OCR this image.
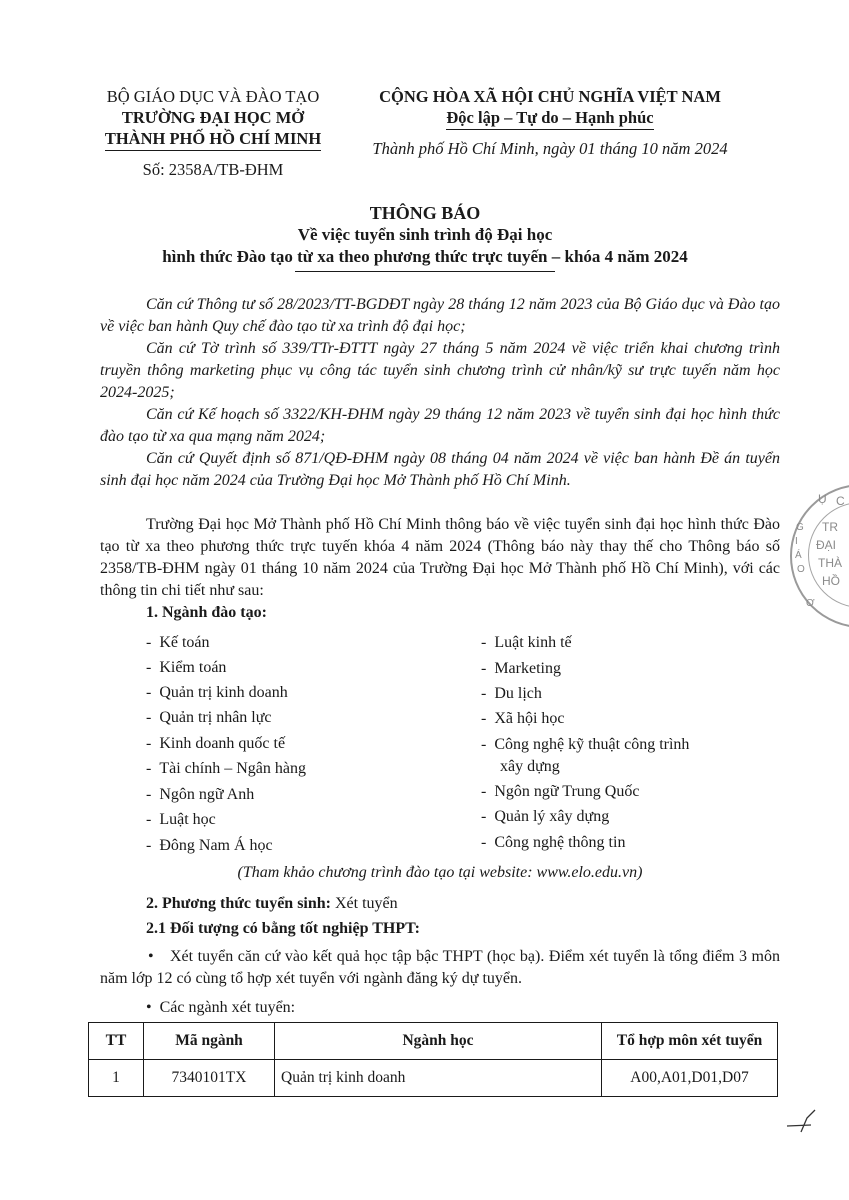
BỘ GIÁO DỤC VÀ ĐÀO TẠO
TRƯỜNG ĐẠI HỌC MỞ
THÀNH PHỐ HỒ CHÍ MINH
Số: 2358A/TB-ĐHM
CỘNG HÒA XÃ HỘI CHỦ NGHĨA VIỆT NAM
Độc lập – Tự do – Hạnh phúc
Thành phố Hồ Chí Minh, ngày 01 tháng 10 năm 2024
THÔNG BÁO
Về việc tuyển sinh trình độ Đại học
hình thức Đào tạo từ xa theo phương thức trực tuyến – khóa 4 năm 2024
Căn cứ Thông tư số 28/2023/TT-BGDĐT ngày 28 tháng 12 năm 2023 của Bộ Giáo dục và Đào tạo về việc ban hành Quy chế đào tạo từ xa trình độ đại học;
Căn cứ Tờ trình số 339/TTr-ĐTTT ngày 27 tháng 5 năm 2024 về việc triển khai chương trình truyền thông marketing phục vụ công tác tuyển sinh chương trình cử nhân/kỹ sư trực tuyến năm học 2024-2025;
Căn cứ Kế hoạch số 3322/KH-ĐHM ngày 29 tháng 12 năm 2023 về tuyển sinh đại học hình thức đào tạo từ xa qua mạng năm 2024;
Căn cứ Quyết định số 871/QĐ-ĐHM ngày 08 tháng 04 năm 2024 về việc ban hành Đề án tuyển sinh đại học năm 2024 của Trường Đại học Mở Thành phố Hồ Chí Minh.
Trường Đại học Mở Thành phố Hồ Chí Minh thông báo về việc tuyển sinh đại học hình thức Đào tạo từ xa theo phương thức trực tuyến khóa 4 năm 2024 (Thông báo này thay thế cho Thông báo số 2358/TB-ĐHM ngày 01 tháng 10 năm 2024 của Trường Đại học Mở Thành phố Hồ Chí Minh), với các thông tin chi tiết như sau:
1. Ngành đào tạo:
- Kế toán
- Kiểm toán
- Quản trị kinh doanh
- Quản trị nhân lực
- Kinh doanh quốc tế
- Tài chính – Ngân hàng
- Ngôn ngữ Anh
- Luật học
- Đông Nam Á học
- Luật kinh tế
- Marketing
- Du lịch
- Xã hội học
- Công nghệ kỹ thuật công trình
xây dựng
- Ngôn ngữ Trung Quốc
- Quản lý xây dựng
- Công nghệ thông tin
(Tham khảo chương trình đào tạo tại website: www.elo.edu.vn)
2. Phương thức tuyển sinh: Xét tuyển
2.1 Đối tượng có bằng tốt nghiệp THPT:
• Xét tuyển căn cứ vào kết quả học tập bậc THPT (học bạ). Điểm xét tuyển là tổng điểm 3 môn năm lớp 12 có cùng tổ hợp xét tuyển với ngành đăng ký dự tuyển.
• Các ngành xét tuyển:
TT	Mã ngành	Ngành học	Tổ hợp môn xét tuyển
1	7340101TX	Quản trị kinh doanh	A00,A01,D01,D07
Ụ C
TR
ĐẠI
THÀ
HỒ
G
I
Á
O
Ơ
